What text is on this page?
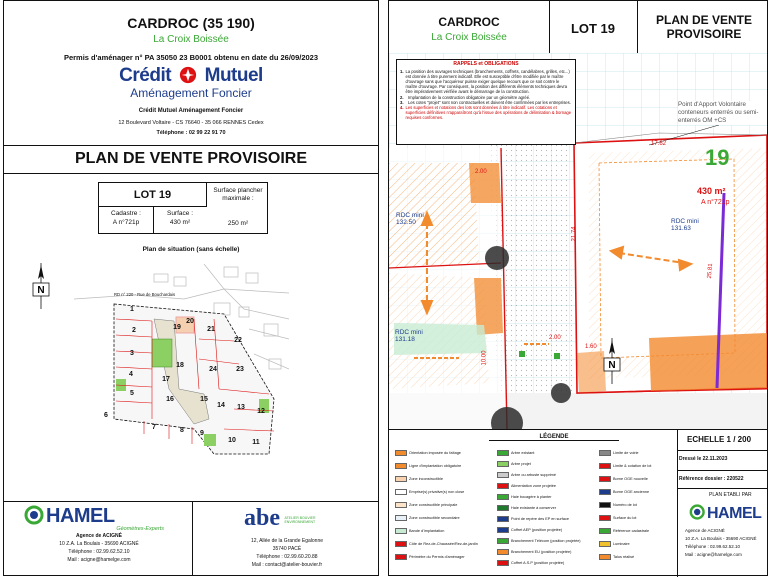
CARDROC (35 190)
La Croix Boissée
Permis d'aménager n° PA 35050 23 B0001 obtenu en date du 26/09/2023
Crédit Mutuel
Aménagement Foncier
Crédit Mutuel Aménagement Foncier
12 Boulevard Voltaire - CS 76640 - 35 066 RENNES Cedex
Téléphone : 02 99 22 91 70
PLAN DE VENTE PROVISOIRE
LOT 19
Cadastre :
A n°721p
Surface :
430 m²
Surface plancher maximale :
250 m²
Plan de situation (sans échelle)
N	RD n° 220 - Rue de Bouchardais
1
2
3
4
5
6
7	8 9
10 11
12
13
14
15
16
17
18
19
20
21
22
23
24
HAMEL
Géomètres-Experts
Agence de ACIGNÉ
10 Z.A. La Boulais - 35690 ACIGNÉ
Téléphone : 02.99.62.52.10
Mail : acigne@hamelge.com
abe ATELIER BOUVIER ENVIRONNEMENT
12, Allée de la Grande Egalonne
35740 PACÉ
Téléphone : 02.99.60.20.88
Mail : contact@atelier-bouvier.fr
CARDROC
La Croix Boissée
LOT 19
PLAN DE VENTE
PROVISOIRE
Point d'Apport Volontaire conteneurs enterrés ou semi-enterrés OM +CS
19
430 m²
A n°721p
RDC mini
131.63
RDC mini
132.50
RDC mini
131.18
17.62
21.74
25.81
2.00
2.00
1.60
10.00	N
RAPPELS et OBLIGATIONS
1. La position des ouvrages techniques (branchements, coffrets, candélabres, grilles, etc...) est donnée à titre purement indicatif. Elle est susceptible d'être modifiée par le maître d'ouvrage sans que l'acquéreur puisse exiger quelque recours que ce soit contre le maître d'ouvrage. Par conséquent, la position des différents éléments techniques devra être impérativement vérifiée avant le démarrage de la construction.
2.	Implantation de la construction obligatoire par un géomètre agréé.
3.	Les cotes "projet" sont non contractuelles et doivent être confirmées par les entreprises.
4. Les superficies et notations des lots sont données à titre indicatif. Les cotations et superficies définitives n'apparaîtront qu'à l'issue des opérations de délimitation & bornage requises conformes.
LÉGENDE
Orientation imposée du faîtage
Ligne d'implantation obligatoire
Zone inconstructible
Emprise(s) privative(s) non close
Zone constructible principale
Zone constructible secondaire
Bande d'implantation
Côte de Rez-de-Chaussée/Rez-de-jardin
Périmètre du Permis d'aménager
Arbre existant
Arbre projet
Arbre ou arbuste supprimé
Alimentation zone projetée
Haie bocagère à planter
Haie existante à conserver
Point de repère des EP en surface
Coffret AEP (position projetée)
Branchement Télécom (position projetée)
Branchement EU (position projetée)
Coffret A.S.P (position projetée)
Limite de voirie
Limite & cotation de lot
Borne OGE nouvelle
Borne OGE ancienne
Numéro de lot
Surface du lot
Référence cadastrale
Luminaire
Talus réalisé
ECHELLE 1 / 200
Dressé le 22.11.2023
Référence dossier : 220522
PLAN ETABLI PAR
HAMEL
Agence de ACIGNÉ
10 Z.A. La Boulais - 35690 ACIGNÉ
Téléphone : 02.99.62.52.10
Mail : acigne@hamelge.com
